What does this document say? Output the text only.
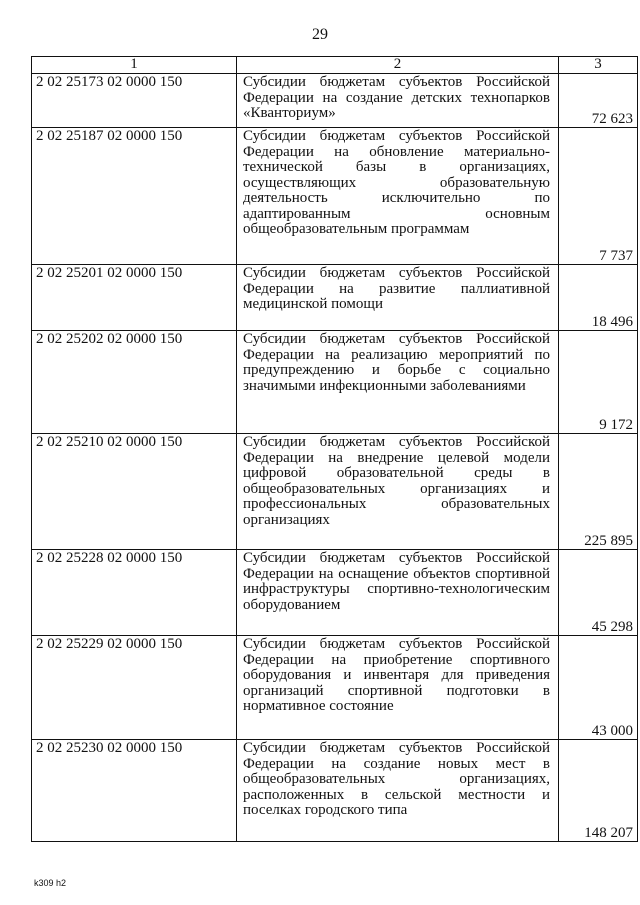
29
1	2	3
2 02 25173 02 0000 150	Субсидии бюджетам субъектов Российской Федерации на создание детских технопарков «Кванториум»	72 623
2 02 25187 02 0000 150	Субсидии бюджетам субъектов Российской Федерации на обновление материально-технической базы в организациях, осуществляющих образовательную деятельность исключительно по адаптированным основным общеобразовательным программам	7 737
2 02 25201 02 0000 150	Субсидии бюджетам субъектов Российской Федерации на развитие паллиативной медицинской помощи	18 496
2 02 25202 02 0000 150	Субсидии бюджетам субъектов Российской Федерации на реализацию мероприятий по предупреждению и борьбе с социально значимыми инфекционными заболеваниями	9 172
2 02 25210 02 0000 150	Субсидии бюджетам субъектов Российской Федерации на внедрение целевой модели цифровой образовательной среды в общеобразовательных организациях и профессиональных образовательных организациях	225 895
2 02 25228 02 0000 150	Субсидии бюджетам субъектов Российской Федерации на оснащение объектов спортивной инфраструктуры спортивно-технологическим оборудованием	45 298
2 02 25229 02 0000 150	Субсидии бюджетам субъектов Российской Федерации на приобретение спортивного оборудования и инвентаря для приведения организаций спортивной подготовки в нормативное состояние	43 000
2 02 25230 02 0000 150	Субсидии бюджетам субъектов Российской Федерации на создание новых мест в общеобразовательных организациях, расположенных в сельской местности и поселках городского типа	148 207
k309 h2
